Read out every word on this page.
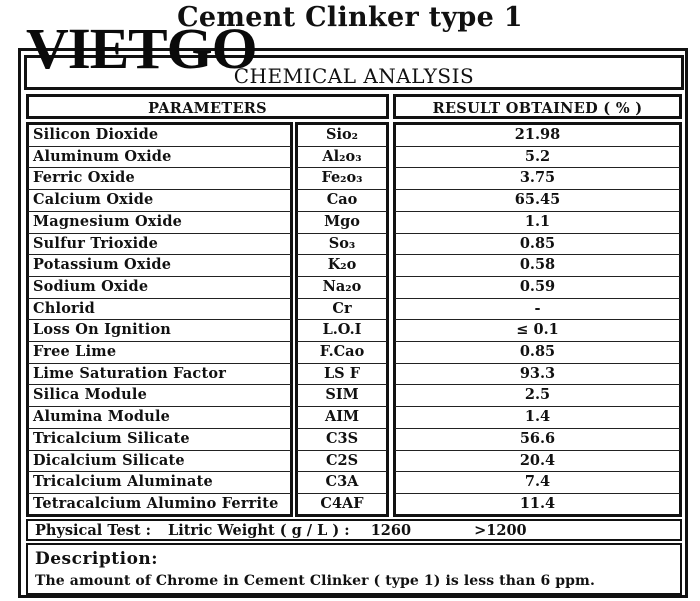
Cement Clinker type 1
CHEMICAL ANALYSIS
VIETGO
PARAMETERS	RESULT OBTAINED ( % )
Silicon Dioxide	Sio₂	21.98
Aluminum Oxide	Al₂o₃	5.2
Ferric Oxide	Fe₂o₃	3.75
Calcium Oxide	Cao	65.45
Magnesium Oxide	Mgo	1.1
Sulfur Trioxide	So₃	0.85
Potassium Oxide	K₂o	0.58
Sodium Oxide	Na₂o	0.59
Chlorid	Cr	-
Loss On Ignition	L.O.I	≤ 0.1
Free Lime	F.Cao	0.85
Lime Saturation Factor	LS F	93.3
Silica Module	SIM	2.5
Alumina Module	AIM	1.4
Tricalcium Silicate	C3S	56.6
Dicalcium Silicate	C2S	20.4
Tricalcium Aluminate	C3A	7.4
Tetracalcium Alumino Ferrite	C4AF	11.4
Physical Test : Litric Weight ( g / L ) : 1260	>1200
Description:
The amount of Chrome in Cement Clinker ( type 1) is less than 6 ppm.
